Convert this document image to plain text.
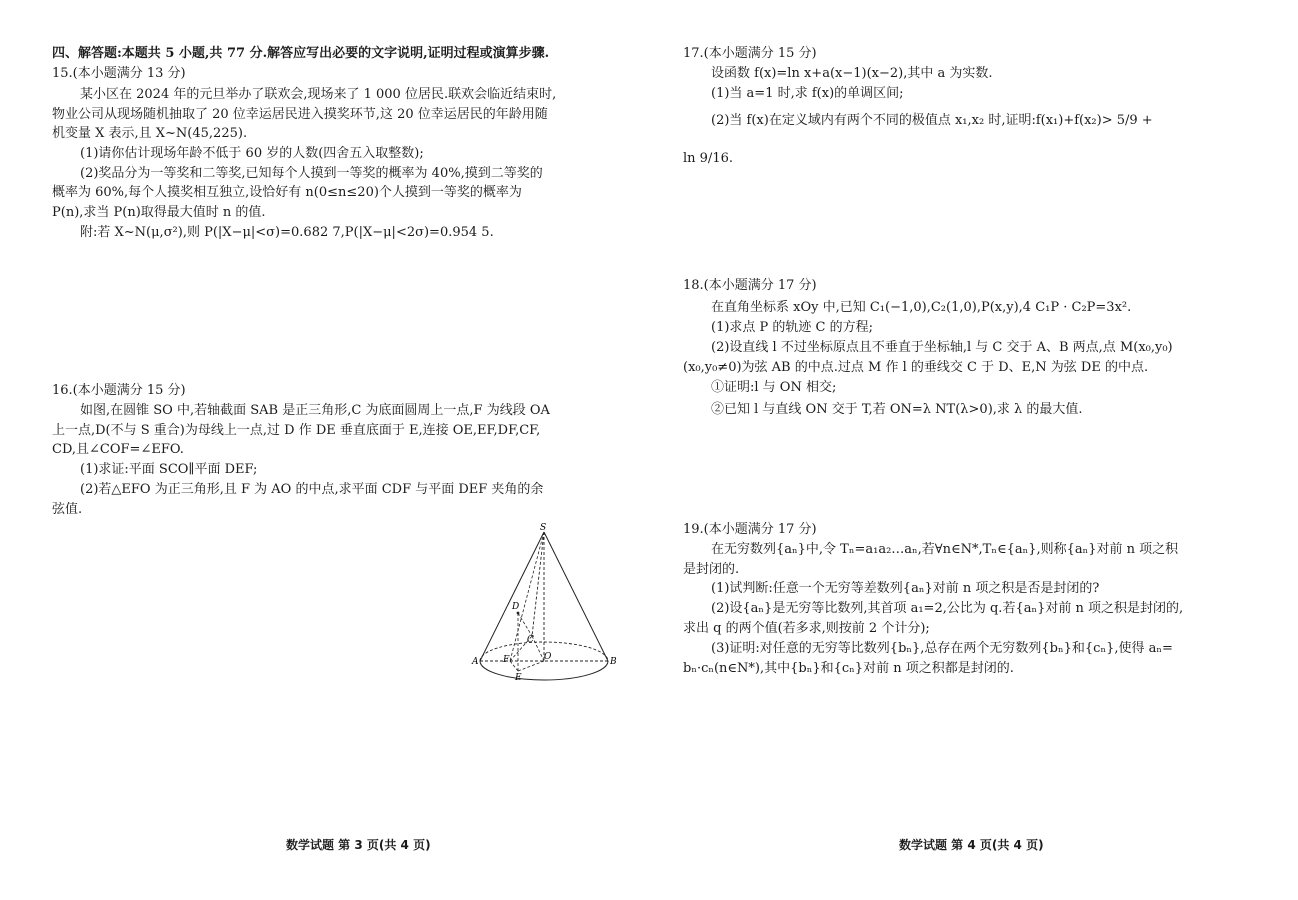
四、解答题:本题共 5 小题,共 77 分.解答应写出必要的文字说明,证明过程或演算步骤.
15.(本小题满分 13 分)
某小区在 2024 年的元旦举办了联欢会,现场来了 1 000 位居民.联欢会临近结束时,
物业公司从现场随机抽取了 20 位幸运居民进入摸奖环节,这 20 位幸运居民的年龄用随
机变量 X 表示,且 X~N(45,225).
(1)请你估计现场年龄不低于 60 岁的人数(四舍五入取整数);
(2)奖品分为一等奖和二等奖,已知每个人摸到一等奖的概率为 40%,摸到二等奖的
概率为 60%,每个人摸奖相互独立,设恰好有 n(0≤n≤20)个人摸到一等奖的概率为
P(n),求当 P(n)取得最大值时 n 的值.
附:若 X~N(μ,σ²),则 P(|X−μ|<σ)=0.682 7,P(|X−μ|<2σ)=0.954 5.
16.(本小题满分 15 分)
如图,在圆锥 SO 中,若轴截面 SAB 是正三角形,C 为底面圆周上一点,F 为线段 OA
上一点,D(不与 S 重合)为母线上一点,过 D 作 DE 垂直底面于 E,连接 OE,EF,DF,CF,
CD,且∠COF=∠EFO.
(1)求证:平面 SCO∥平面 DEF;
(2)若△EFO 为正三角形,且 F 为 AO 的中点,求平面 CDF 与平面 DEF 夹角的余
弦值.
S
D
C
A	F	O	B
E
数学试题 第 3 页(共 4 页)
17.(本小题满分 15 分)
设函数 f(x)=ln x+a(x−1)(x−2),其中 a 为实数.
(1)当 a=1 时,求 f(x)的单调区间;
(2)当 f(x)在定义域内有两个不同的极值点 x₁,x₂ 时,证明:f(x₁)+f(x₂)> 5/9 +
ln 9/16.
18.(本小题满分 17 分)
在直角坐标系 xOy 中,已知 C₁(−1,0),C₂(1,0),P(x,y),4 C₁P · C₂P=3x².
(1)求点 P 的轨迹 C 的方程;
(2)设直线 l 不过坐标原点且不垂直于坐标轴,l 与 C 交于 A、B 两点,点 M(x₀,y₀)
(x₀,y₀≠0)为弦 AB 的中点.过点 M 作 l 的垂线交 C 于 D、E,N 为弦 DE 的中点.
①证明:l 与 ON 相交;
②已知 l 与直线 ON 交于 T,若 ON=λ NT(λ>0),求 λ 的最大值.
19.(本小题满分 17 分)
在无穷数列{aₙ}中,令 Tₙ=a₁a₂…aₙ,若∀n∈N*,Tₙ∈{aₙ},则称{aₙ}对前 n 项之积
是封闭的.
(1)试判断:任意一个无穷等差数列{aₙ}对前 n 项之积是否是封闭的?
(2)设{aₙ}是无穷等比数列,其首项 a₁=2,公比为 q.若{aₙ}对前 n 项之积是封闭的,
求出 q 的两个值(若多求,则按前 2 个计分);
(3)证明:对任意的无穷等比数列{bₙ},总存在两个无穷数列{bₙ}和{cₙ},使得 aₙ=
bₙ·cₙ(n∈N*),其中{bₙ}和{cₙ}对前 n 项之积都是封闭的.
数学试题 第 4 页(共 4 页)
